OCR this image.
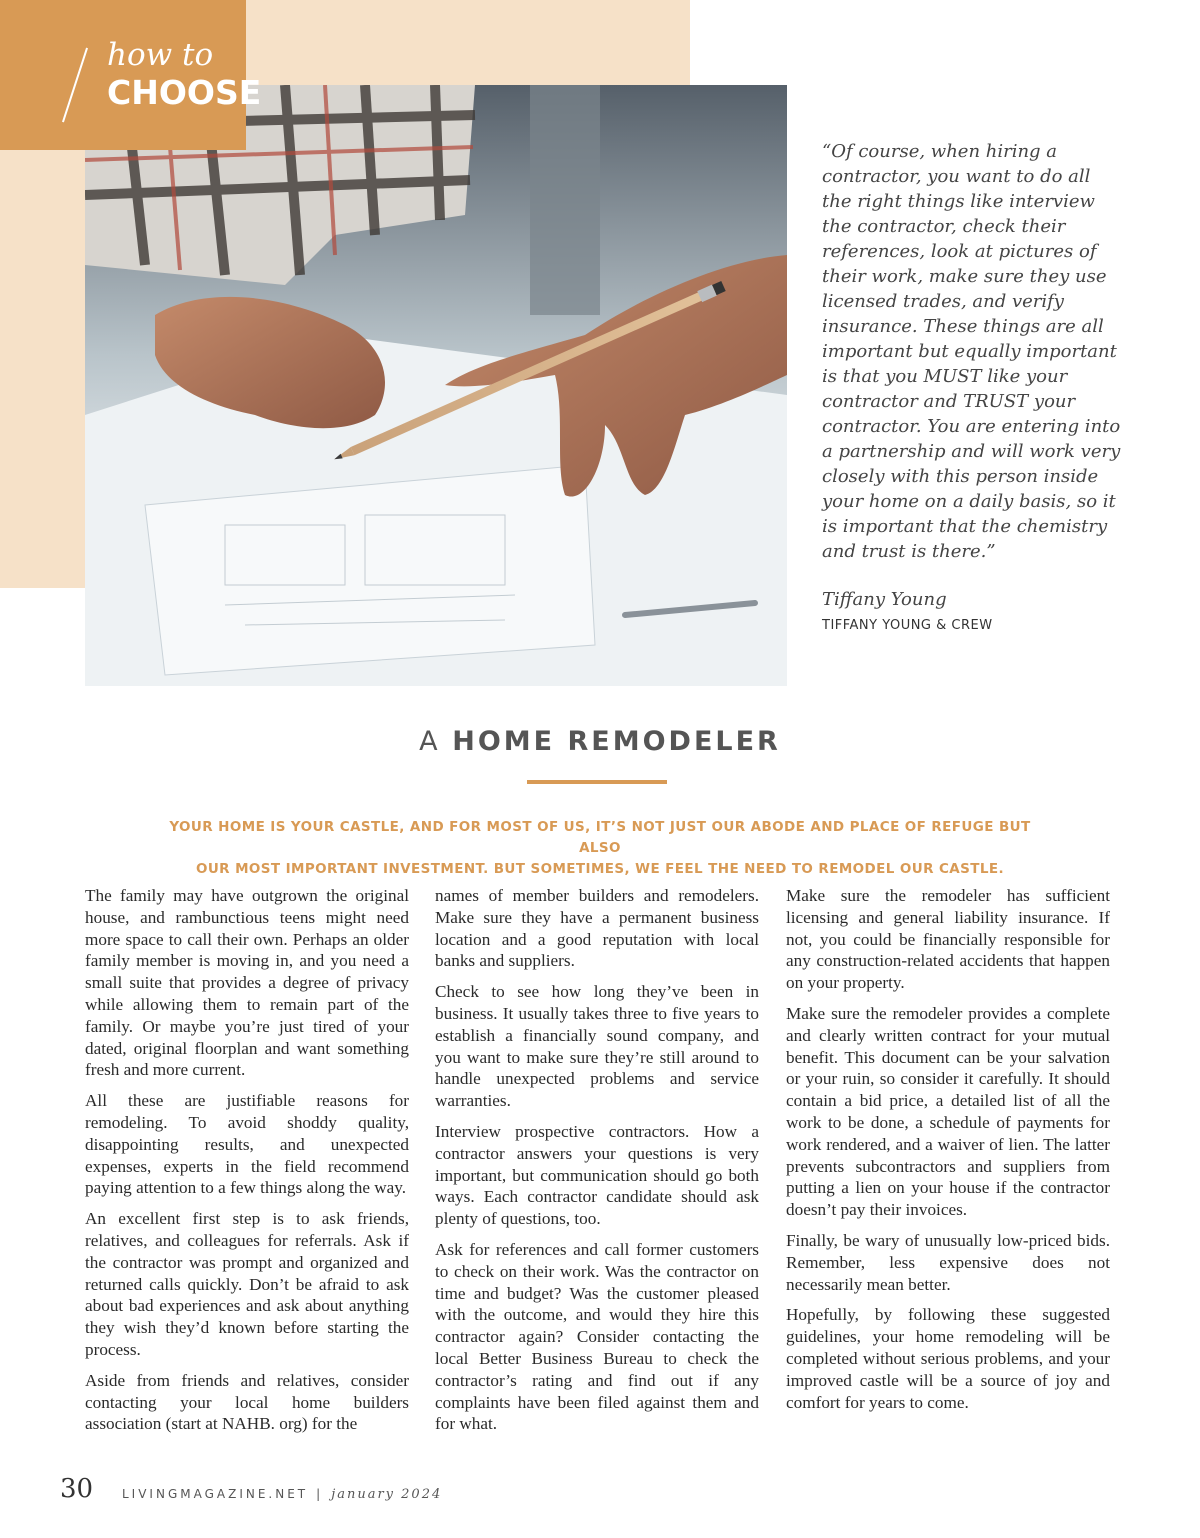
how to
CHOOSE

“Of course, when hiring a contractor, you want to do all the right things like interview the contractor, check their references, look at pictures of their work, make sure they use licensed trades, and verify insurance. These things are all important but equally important is that you MUST like your contractor and TRUST your contractor. You are entering into a partnership and will work very closely with this person inside your home on a daily basis, so it is important that the chemistry and trust is there.”

Tiffany Young
TIFFANY YOUNG & CREW
A HOME REMODELER
YOUR HOME IS YOUR CASTLE, AND FOR MOST OF US, IT’S NOT JUST OUR ABODE AND PLACE OF REFUGE BUT ALSO
OUR MOST IMPORTANT INVESTMENT. BUT SOMETIMES, WE FEEL THE NEED TO REMODEL OUR CASTLE.

The family may have outgrown the original house, and rambunctious teens might need more space to call their own. Perhaps an older family member is moving in, and you need a small suite that provides a degree of privacy while allowing them to remain part of the family. Or maybe you’re just tired of your dated, original floorplan and want something fresh and more current.

All these are justifiable reasons for remodeling. To avoid shoddy quality, disappointing results, and unexpected expenses, experts in the field recommend paying attention to a few things along the way.

An excellent first step is to ask friends, relatives, and colleagues for referrals. Ask if the contractor was prompt and organized and returned calls quickly. Don’t be afraid to ask about bad experiences and ask about anything they wish they’d known before starting the process.

Aside from friends and relatives, consider contacting your local home builders association (start at NAHB. org) for the

names of member builders and remodelers. Make sure they have a permanent business location and a good reputation with local banks and suppliers.

Check to see how long they’ve been in business. It usually takes three to five years to establish a financially sound company, and you want to make sure they’re still around to handle unexpected problems and service warranties.

Interview prospective contractors. How a contractor answers your questions is very important, but communication should go both ways. Each contractor candidate should ask plenty of questions, too.

Ask for references and call former customers to check on their work. Was the contractor on time and budget? Was the customer pleased with the outcome, and would they hire this contractor again? Consider contacting the local Better Business Bureau to check the contractor’s rating and find out if any complaints have been filed against them and for what.

Make sure the remodeler has sufficient licensing and general liability insurance. If not, you could be financially responsible for any construction-related accidents that happen on your property.

Make sure the remodeler provides a complete and clearly written contract for your mutual benefit. This document can be your salvation or your ruin, so consider it carefully. It should contain a bid price, a detailed list of all the work to be done, a schedule of payments for work rendered, and a waiver of lien. The latter prevents subcontractors and suppliers from putting a lien on your house if the contractor doesn’t pay their invoices.

Finally, be wary of unusually low-priced bids. Remember, less expensive does not necessarily mean better.

Hopefully, by following these suggested guidelines, your home remodeling will be completed without serious problems, and your improved castle will be a source of joy and comfort for years to come.

30 LIVINGMAGAZINE.NET | january 2024
